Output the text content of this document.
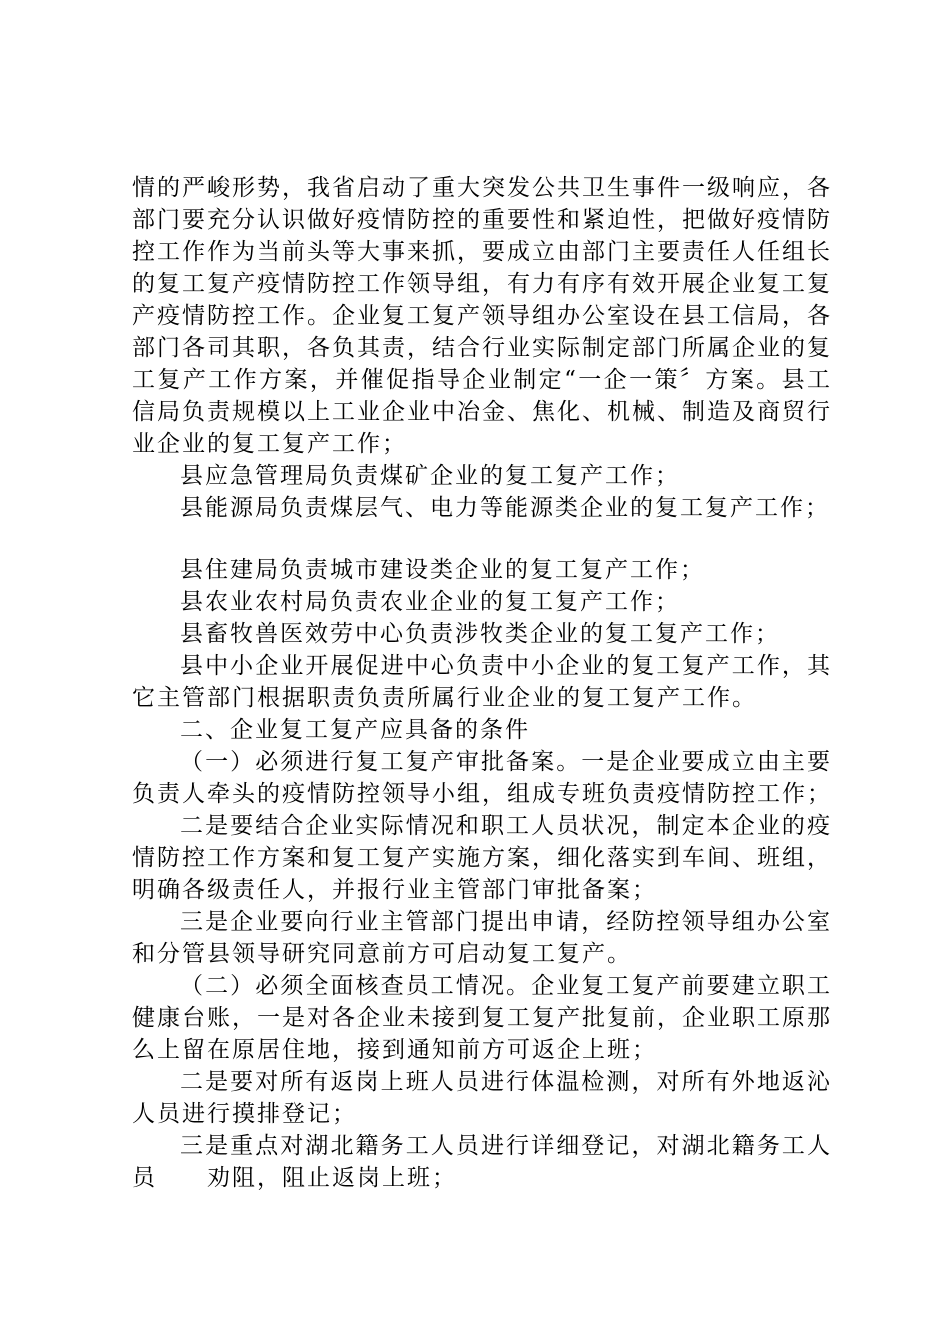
情的严峻形势，我省启动了重大突发公共卫生事件一级响应，各部门要充分认识做好疫情防控的重要性和紧迫性，把做好疫情防控工作作为当前头等大事来抓，要成立由部门主要责任人任组长的复工复产疫情防控工作领导组，有力有序有效开展企业复工复产疫情防控工作。企业复工复产领导组办公室设在县工信局，各部门各司其职，各负其责，结合行业实际制定部门所属企业的复工复产工作方案，并催促指导企业制定“一企一策〞方案。县工信局负责规模以上工业企业中冶金、焦化、机械、制造及商贸行业企业的复工复产工作；

县应急管理局负责煤矿企业的复工复产工作；

县能源局负责煤层气、电力等能源类企业的复工复产工作；

县住建局负责城市建设类企业的复工复产工作；

县农业农村局负责农业企业的复工复产工作；

县畜牧兽医效劳中心负责涉牧类企业的复工复产工作；

县中小企业开展促进中心负责中小企业的复工复产工作，其它主管部门根据职责负责所属行业企业的复工复产工作。

二、企业复工复产应具备的条件

（一）必须进行复工复产审批备案。一是企业要成立由主要负责人牵头的疫情防控领导小组，组成专班负责疫情防控工作；

二是要结合企业实际情况和职工人员状况，制定本企业的疫情防控工作方案和复工复产实施方案，细化落实到车间、班组，明确各级责任人，并报行业主管部门审批备案；

三是企业要向行业主管部门提出申请，经防控领导组办公室和分管县领导研究同意前方可启动复工复产。

（二）必须全面核查员工情况。企业复工复产前要建立职工健康台账，一是对各企业未接到复工复产批复前，企业职工原那么上留在原居住地，接到通知前方可返企上班；

二是要对所有返岗上班人员进行体温检测，对所有外地返沁人员进行摸排登记；

三是重点对湖北籍务工人员进行详细登记，对湖北籍务工人员　　劝阻，阻止返岗上班；
